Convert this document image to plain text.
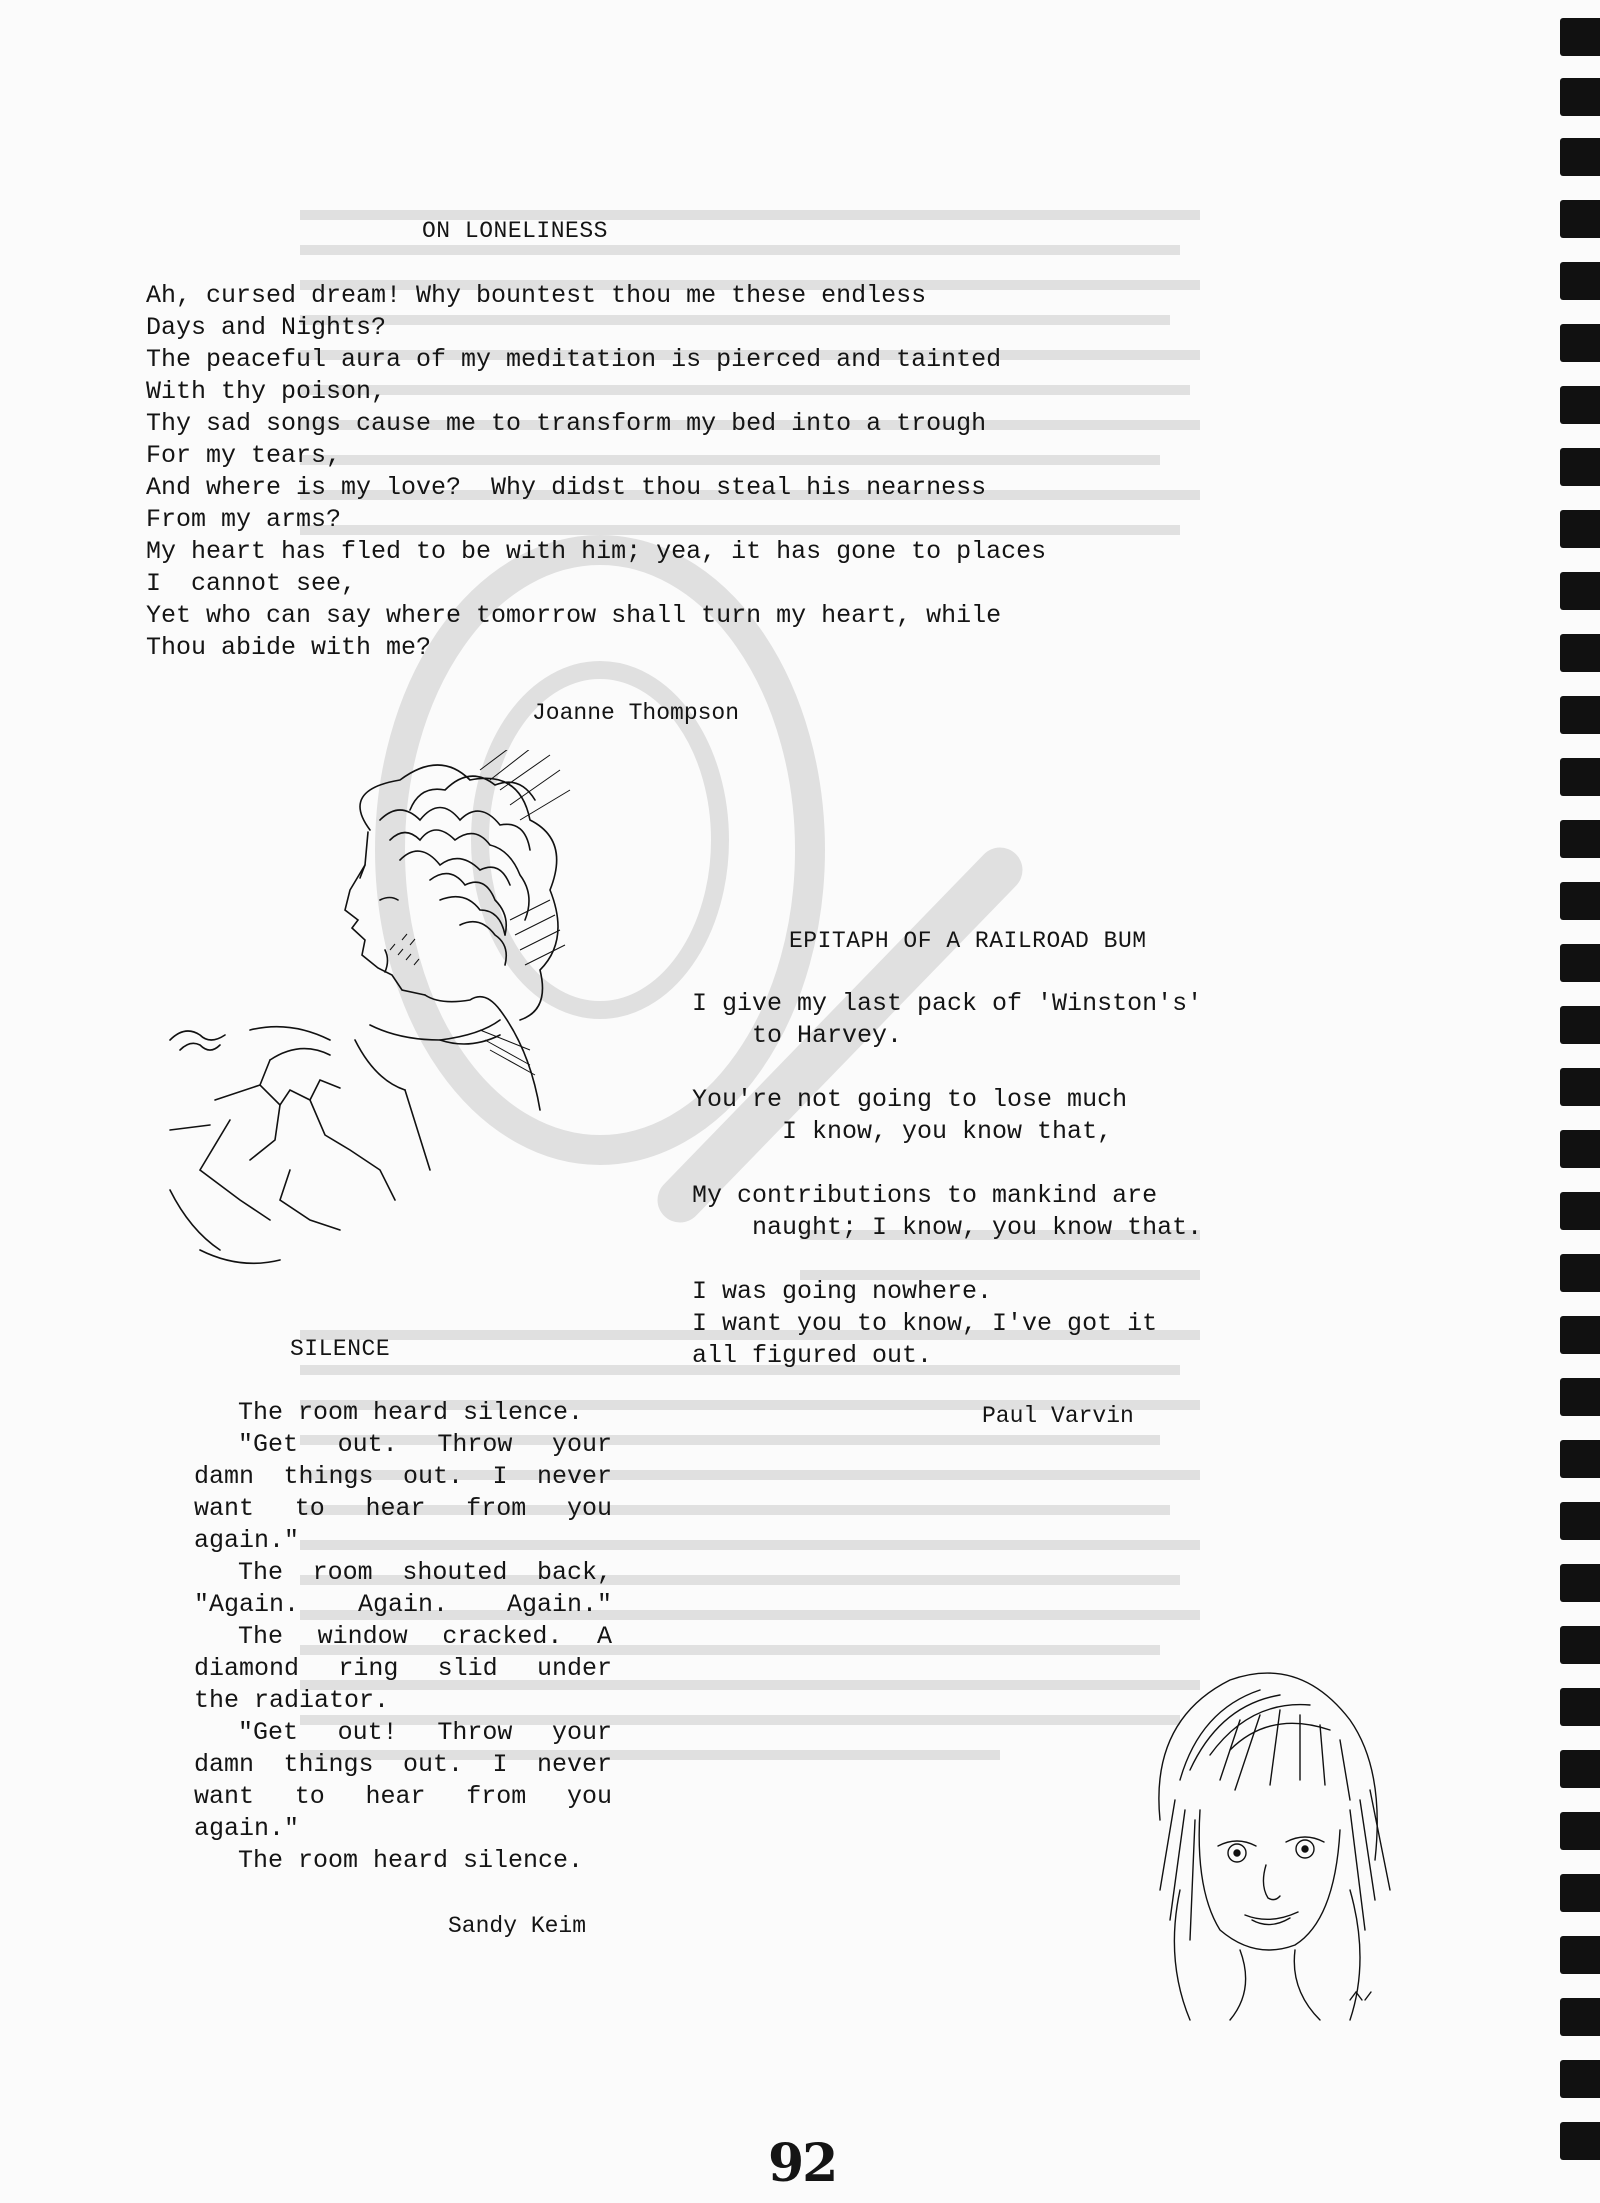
ON LONELINESS
Ah, cursed dream! Why bountest thou me these endless
Days and Nights?
The peaceful aura of my meditation is pierced and tainted
With thy poison,
Thy sad songs cause me to transform my bed into a trough
For my tears,
And where is my love?  Why didst thou steal his nearness
From my arms?
My heart has fled to be with him; yea, it has gone to places
I  cannot see,
Yet who can say where tomorrow shall turn my heart, while
Thou abide with me?
Joanne Thompson
EPITAPH OF A RAILROAD BUM
I give my last pack of 'Winston's'
to Harvey.

You're not going to lose much
I know, you know that,

My contributions to mankind are
naught; I know, you know that.

I was going nowhere.
I want you to know, I've got it
all figured out.
Paul Varvin
SILENCE
The room heard silence.
"Get out. Throw your
damn things out. I never
want to hear from you
again."
The room shouted back,
"Again. Again. Again."
The window cracked. A
diamond ring slid under
the radiator.
"Get out! Throw your
damn things out. I never
want to hear from you
again."
The room heard silence.
Sandy Keim
92
